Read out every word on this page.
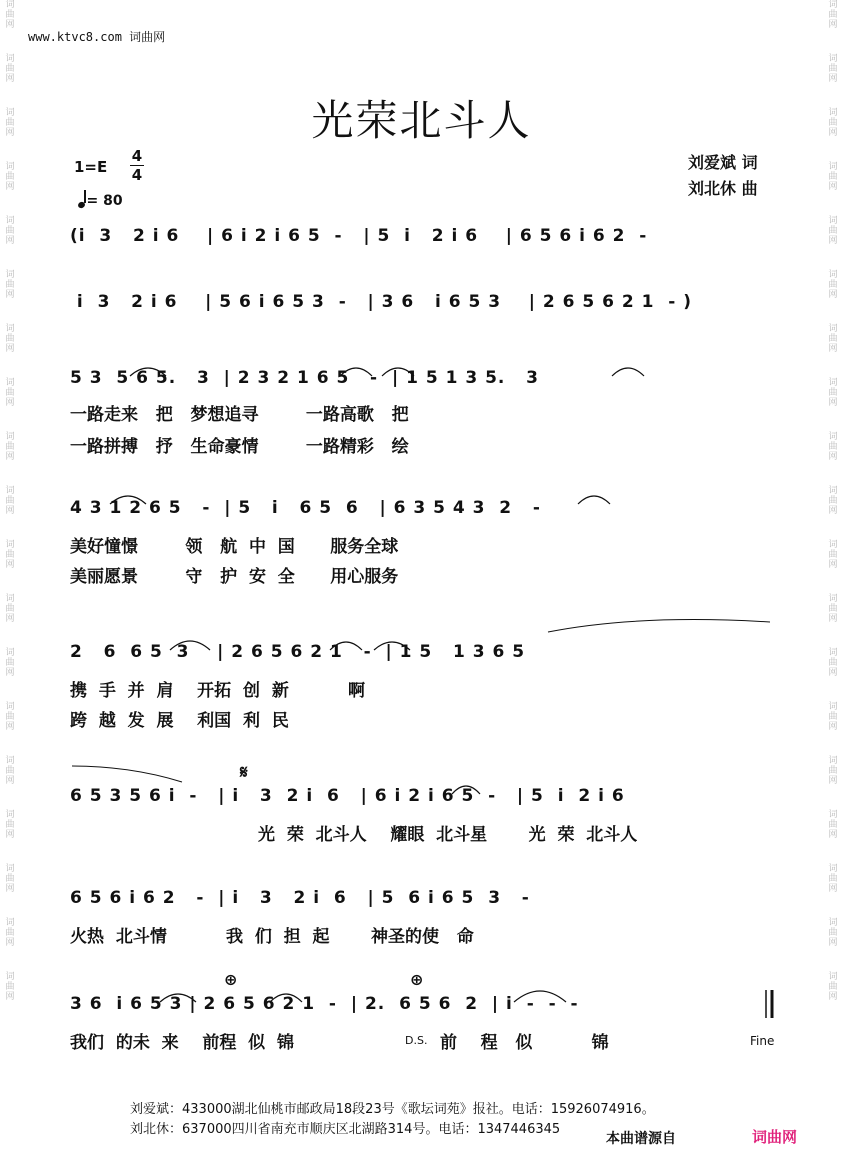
词
曲
网
词
曲
网
词
曲
网
词
曲
网
词
曲
网
词
曲
网
词
曲
网
词
曲
网
词
曲
网
词
曲
网
词
曲
网
词
曲
网
词
曲
网
词
曲
网
词
曲
网
词
曲
网
词
曲
网
词
曲
网
词
曲
网
词
曲
网
词
曲
网
词
曲
网
词
曲
网
词
曲
网
词
曲
网
词
曲
网
词
曲
网
词
曲
网
词
曲
网
词
曲
网
词
曲
网
词
曲
网
词
曲
网
词
曲
网
词
曲
网
词
曲
网
词
曲
网
词
曲
网
www.ktvc8.com 词曲网
光荣北斗人
1=E
4
4
= 80
刘爱斌 词
刘北休 曲
(i  3   2 i 6    | 6 i 2 i 6 5  -   | 5  i   2 i 6    | 6 5 6 i 6 2  -
i  3   2 i 6    | 5 6 i 6 5 3  -   | 3 6   i 6 5 3    | 2 6 5 6 2 1  - )
5 3  5 6 5.   3  | 2 3 2 1 6 5   -  | 1 5 1 3 5.   3
一路走来   把   梦想追寻        一路高歌   把
一路拼搏   抒   生命豪情        一路精彩   绘
4 3 1 2 6 5   -  | 5   i   6 5  6   | 6 3 5 4 3  2   -
美好憧憬        领   航  中  国      服务全球
美丽愿景        守   护  安  全      用心服务
2   6  6 5  3    | 2 6 5 6 2 1   -  | 1 5   1 3 6 5
携  手  并  肩    开拓  创  新          啊
跨  越  发  展    利国  利  民
𝄋
6 5 3 5 6 i  -   | i   3  2 i  6   | 6 i 2 i 6 5  -   | 5  i  2 i 6
光  荣  北斗人    耀眼  北斗星       光  荣  北斗人
6 5 6 i 6 2   -  | i   3   2 i  6   | 5  6 i 6 5  3   -
火热  北斗情          我  们  担  起       神圣的使   命
⊕	⊕
3 6  i 6 5 3 | 2 6 5 6 2 1  -  | 2.  6 5 6  2  | i  -  -  -
我们  的未  来    前程  似  锦	D.S. 前    程   似          锦	Fine
刘爱斌：433000湖北仙桃市邮政局18段23号《歌坛词苑》报社。电话：15926074916。
刘北休：637000四川省南充市顺庆区北湖路314号。电话：1347446345
本曲谱源自	词曲网
